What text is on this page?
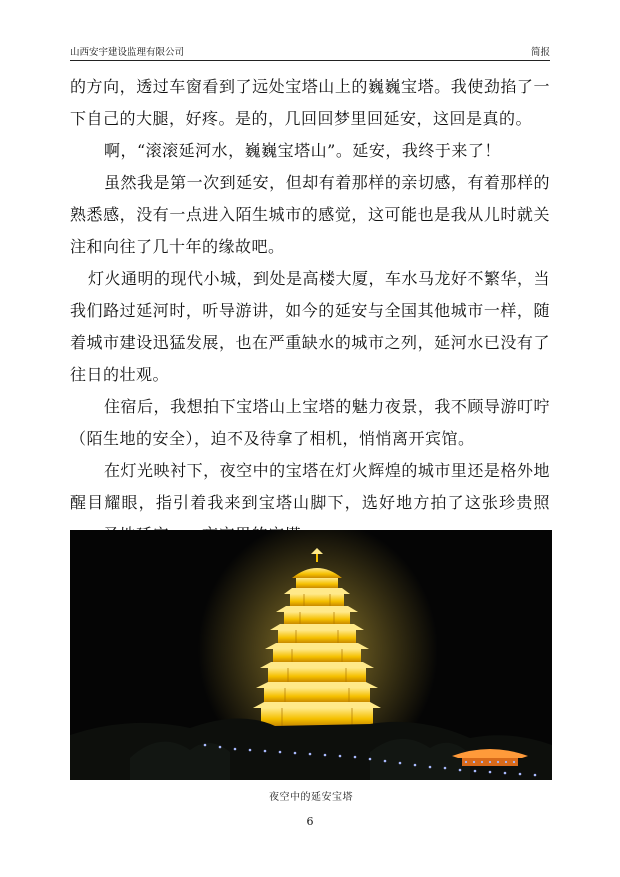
山西安宇建设监理有限公司	简报

的方向，透过车窗看到了远处宝塔山上的巍巍宝塔。我使劲掐了一下自己的大腿，好疼。是的，几回回梦里回延安，这回是真的。

啊，“滚滚延河水，巍巍宝塔山”。延安，我终于来了！

虽然我是第一次到延安，但却有着那样的亲切感，有着那样的熟悉感，没有一点进入陌生城市的感觉，这可能也是我从儿时就关注和向往了几十年的缘故吧。

灯火通明的现代小城，到处是高楼大厦，车水马龙好不繁华，当我们路过延河时，听导游讲，如今的延安与全国其他城市一样，随着城市建设迅猛发展，也在严重缺水的城市之列，延河水已没有了往日的壮观。

住宿后，我想拍下宝塔山上宝塔的魅力夜景，我不顾导游叮咛（陌生地的安全），迫不及待拿了相机，悄悄离开宾馆。

在灯光映衬下，夜空中的宝塔在灯火辉煌的城市里还是格外地醒目耀眼，指引着我来到宝塔山脚下，选好地方拍了这张珍贵照

夜空中的延安宝塔
6
